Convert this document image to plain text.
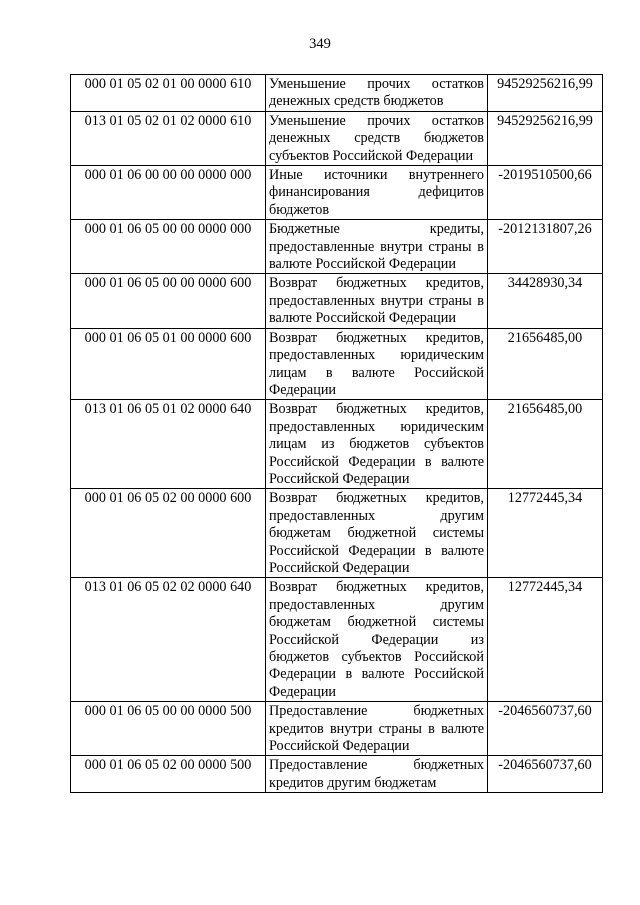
349
000 01 05 02 01 00 0000 610	Уменьшение прочих остатков денежных средств бюджетов	94529256216,99
013 01 05 02 01 02 0000 610	Уменьшение прочих остатков денежных средств бюджетов субъектов Российской Федерации	94529256216,99
000 01 06 00 00 00 0000 000	Иные источники внутреннего финансирования дефицитов бюджетов	-2019510500,66
000 01 06 05 00 00 0000 000	Бюджетные кредиты, предоставленные внутри страны в валюте Российской Федерации	-2012131807,26
000 01 06 05 00 00 0000 600	Возврат бюджетных кредитов, предоставленных внутри страны в валюте Российской Федерации	34428930,34
000 01 06 05 01 00 0000 600	Возврат бюджетных кредитов, предоставленных юридическим лицам в валюте Российской Федерации	21656485,00
013 01 06 05 01 02 0000 640	Возврат бюджетных кредитов, предоставленных юридическим лицам из бюджетов субъектов Российской Федерации в валюте Российской Федерации	21656485,00
000 01 06 05 02 00 0000 600	Возврат бюджетных кредитов, предоставленных другим бюджетам бюджетной системы Российской Федерации в валюте Российской Федерации	12772445,34
013 01 06 05 02 02 0000 640	Возврат бюджетных кредитов, предоставленных другим бюджетам бюджетной системы Российской Федерации из бюджетов субъектов Российской Федерации в валюте Российской Федерации	12772445,34
000 01 06 05 00 00 0000 500	Предоставление бюджетных кредитов внутри страны в валюте Российской Федерации	-2046560737,60
000 01 06 05 02 00 0000 500	Предоставление бюджетных кредитов другим бюджетам	-2046560737,60
